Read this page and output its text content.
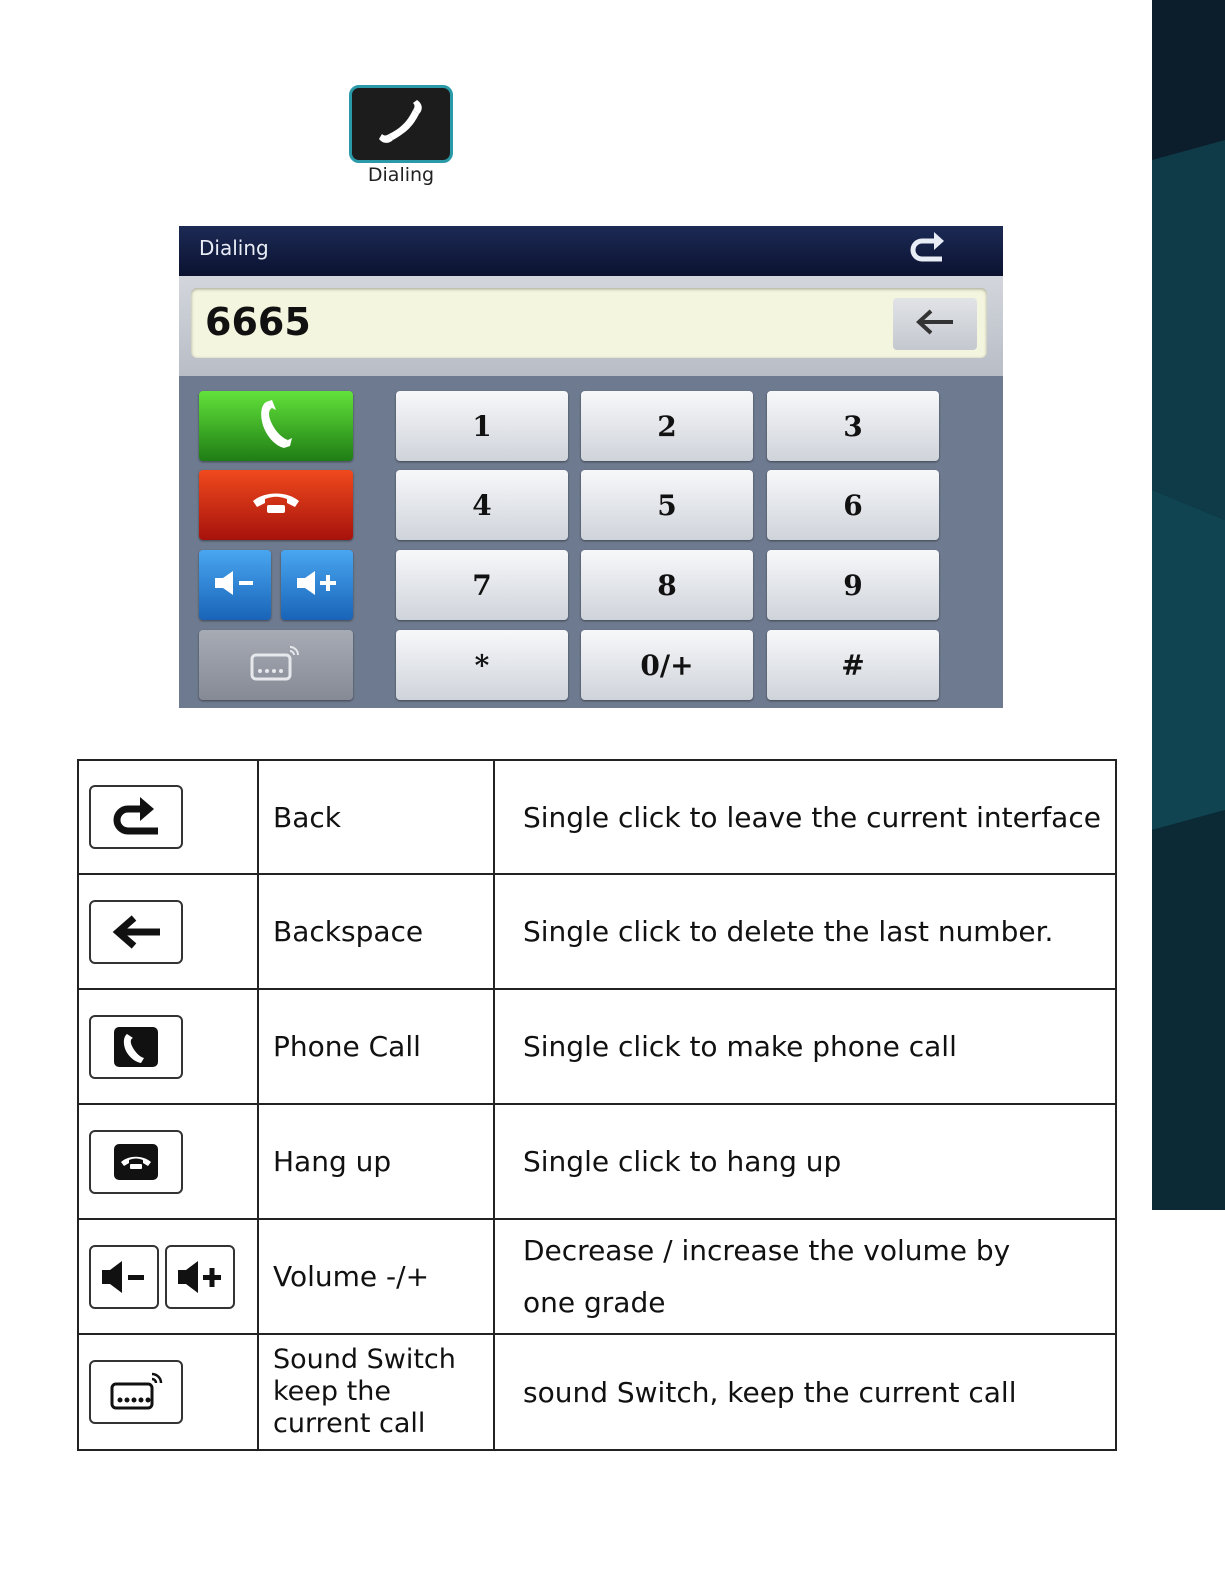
Dialing
Dialing
6665
1	2	3
4	5	6
7	8	9
*	0/+	#
	Back	Single click to leave the current interface

	Backspace	Single click to delete the last number.

	Phone Call	Single click to make phone call

	Hang up	Single click to hang up

	Volume -/+	Decrease / increase the volume by
one grade

	Sound Switch
keep the
current call	sound Switch, keep the current call
